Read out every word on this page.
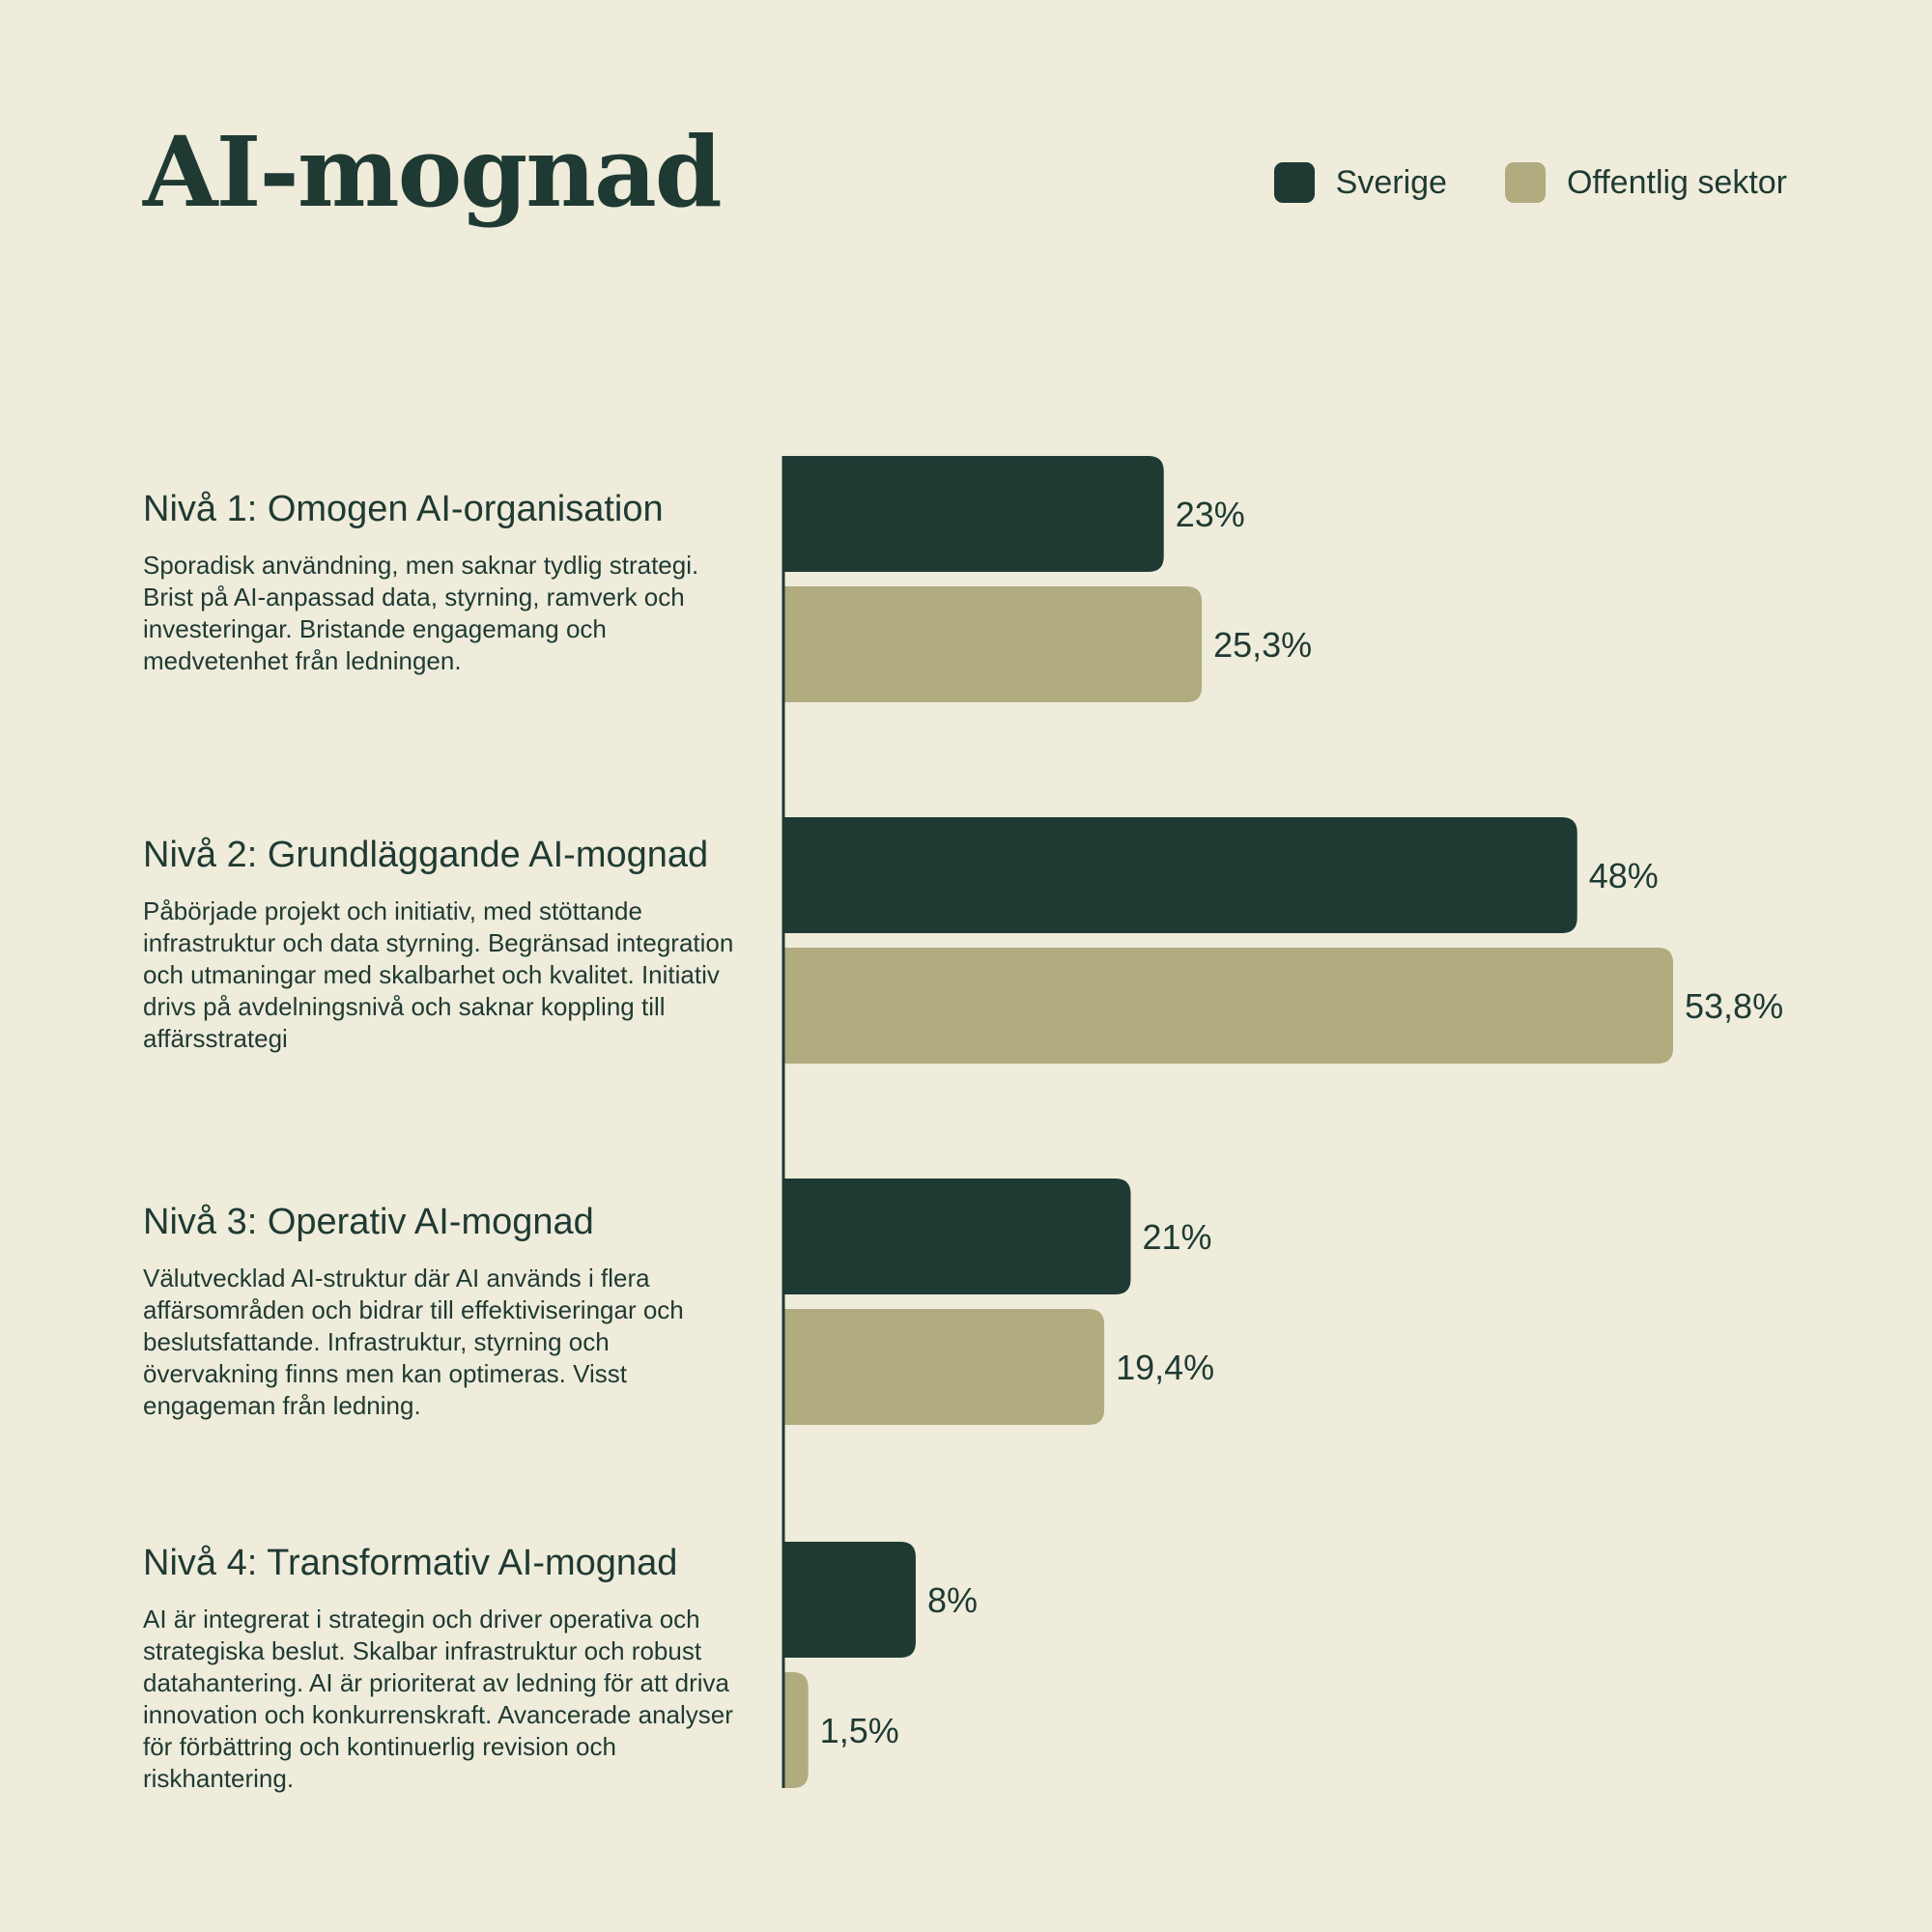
AI-mognad	Sverige	Offentlig sektor

Nivå 1: Omogen AI-organisation

Sporadisk användning, men saknar tydlig strategi. Brist på AI-anpassad data, styrning, ramverk och investeringar. Bristande engagemang och medvetenhet från ledningen.

Nivå 2: Grundläggande AI-mognad

Påbörjade projekt och initiativ, med stöttande infrastruktur och data styrning. Begränsad integration och utmaningar med skalbarhet och kvalitet. Initiativ drivs på avdelningsnivå och saknar koppling till affärsstrategi

Nivå 3: Operativ AI-mognad

Välutvecklad AI-struktur där AI används i flera affärsområden och bidrar till effektiviseringar och beslutsfattande. Infrastruktur, styrning och övervakning finns men kan optimeras. Visst engageman från ledning.

Nivå 4: Transformativ AI-mognad

AI är integrerat i strategin och driver operativa och strategiska beslut. Skalbar infrastruktur och robust datahantering. AI är prioriterat av ledning för att driva innovation och konkurrenskraft. Avancerade analyser för förbättring och kontinuerlig revision och riskhantering.

23%
25,3%
48%
53,8%
21%
19,4%
8%
1,5%
